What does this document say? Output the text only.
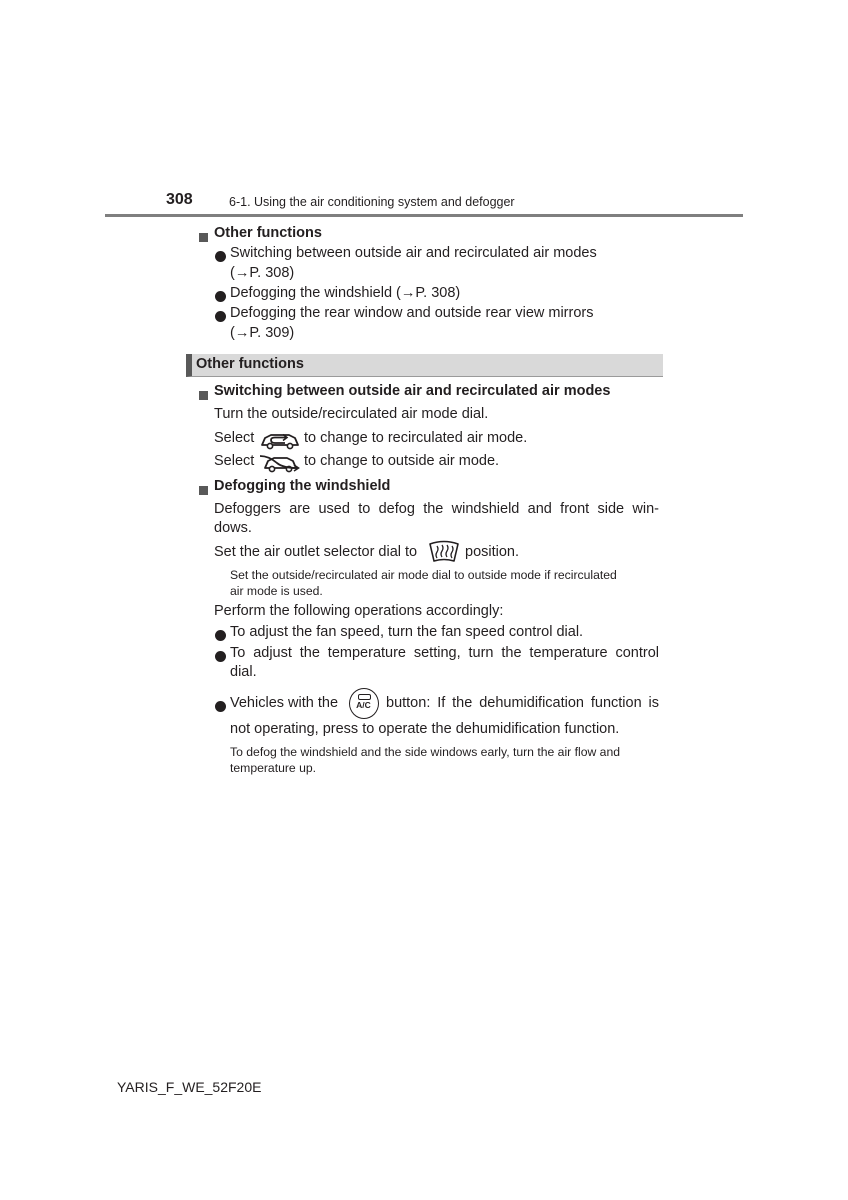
308	6-1. Using the air conditioning system and defogger
Other functions
Switching between outside air and recirculated air modes
(→P. 308)
Defogging the windshield (→P. 308)
Defogging the rear window and outside rear view mirrors
(→P. 309)
Other functions
Switching between outside air and recirculated air modes
Turn the outside/recirculated air mode dial.
Select	to change to recirculated air mode.
Select	to change to outside air mode.
Defogging the windshield
Defoggers are used to defog the windshield and front side win-
dows.
Set the air outlet selector dial to	position.
Set the outside/recirculated air mode dial to outside mode if recirculated
air mode is used.
Perform the following operations accordingly:
To adjust the fan speed, turn the fan speed control dial.
To adjust the temperature setting, turn the temperature control
dial.
Vehicles with the	A/C	button: If the dehumidification function is
not operating, press to operate the dehumidification function.
To defog the windshield and the side windows early, turn the air flow and
temperature up.
YARIS_F_WE_52F20E
